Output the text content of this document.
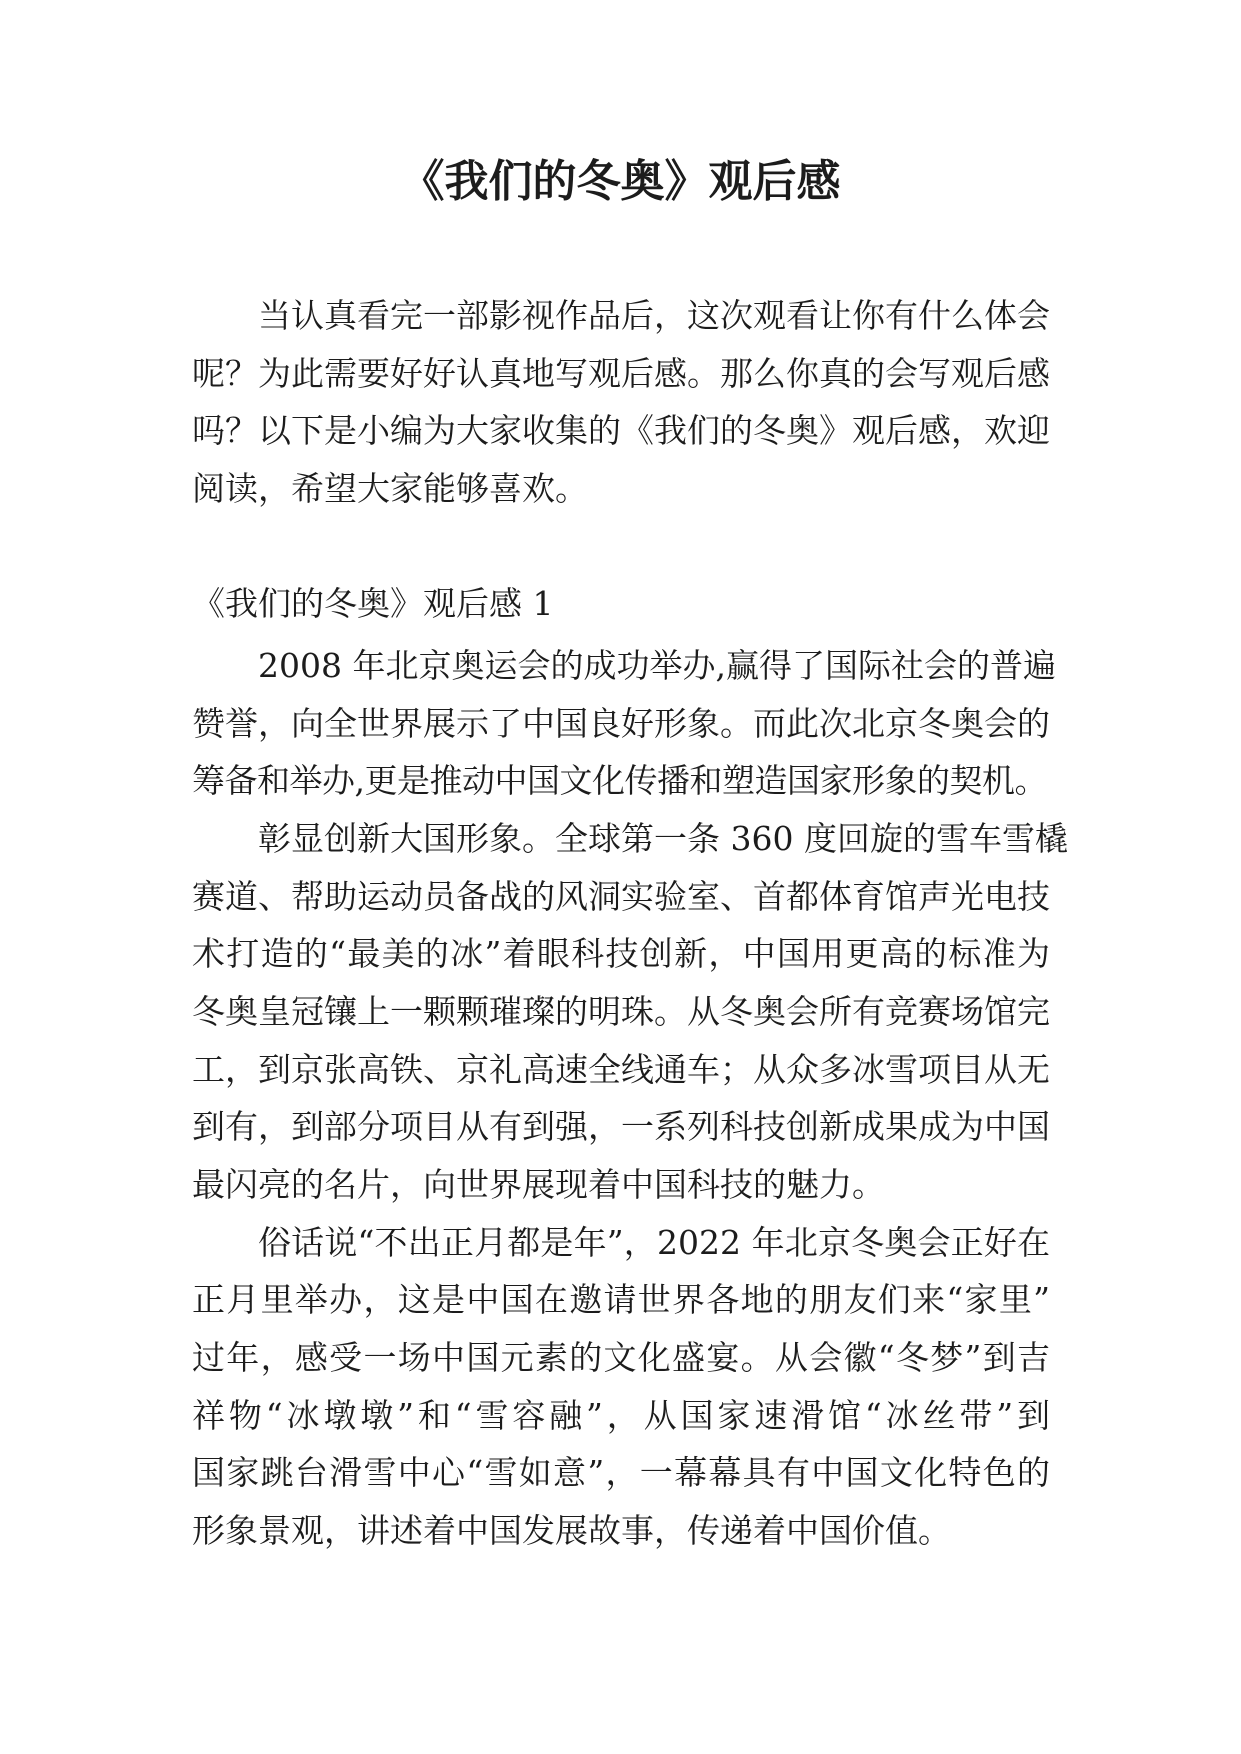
《我们的冬奥》观后感
当认真看完一部影视作品后，这次观看让你有什么体会
呢？为此需要好好认真地写观后感。那么你真的会写观后感
吗？以下是小编为大家收集的《我们的冬奥》观后感，欢迎
阅读，希望大家能够喜欢。
《我们的冬奥》观后感 1
2008 年北京奥运会的成功举办,赢得了国际社会的普遍
赞誉，向全世界展示了中国良好形象。而此次北京冬奥会的
筹备和举办,更是推动中国文化传播和塑造国家形象的契机。
彰显创新大国形象。全球第一条 360 度回旋的雪车雪橇
赛道、帮助运动员备战的风洞实验室、首都体育馆声光电技
术打造的“最美的冰”着眼科技创新，中国用更高的标准为
冬奥皇冠镶上一颗颗璀璨的明珠。从冬奥会所有竞赛场馆完
工，到京张高铁、京礼高速全线通车；从众多冰雪项目从无
到有，到部分项目从有到强，一系列科技创新成果成为中国
最闪亮的名片，向世界展现着中国科技的魅力。
俗话说“不出正月都是年”，2022 年北京冬奥会正好在
正月里举办，这是中国在邀请世界各地的朋友们来“家里”
过年，感受一场中国元素的文化盛宴。从会徽“冬梦”到吉
祥物“冰墩墩”和“雪容融”，从国家速滑馆“冰丝带”到
国家跳台滑雪中心“雪如意”，一幕幕具有中国文化特色的
形象景观，讲述着中国发展故事，传递着中国价值。
